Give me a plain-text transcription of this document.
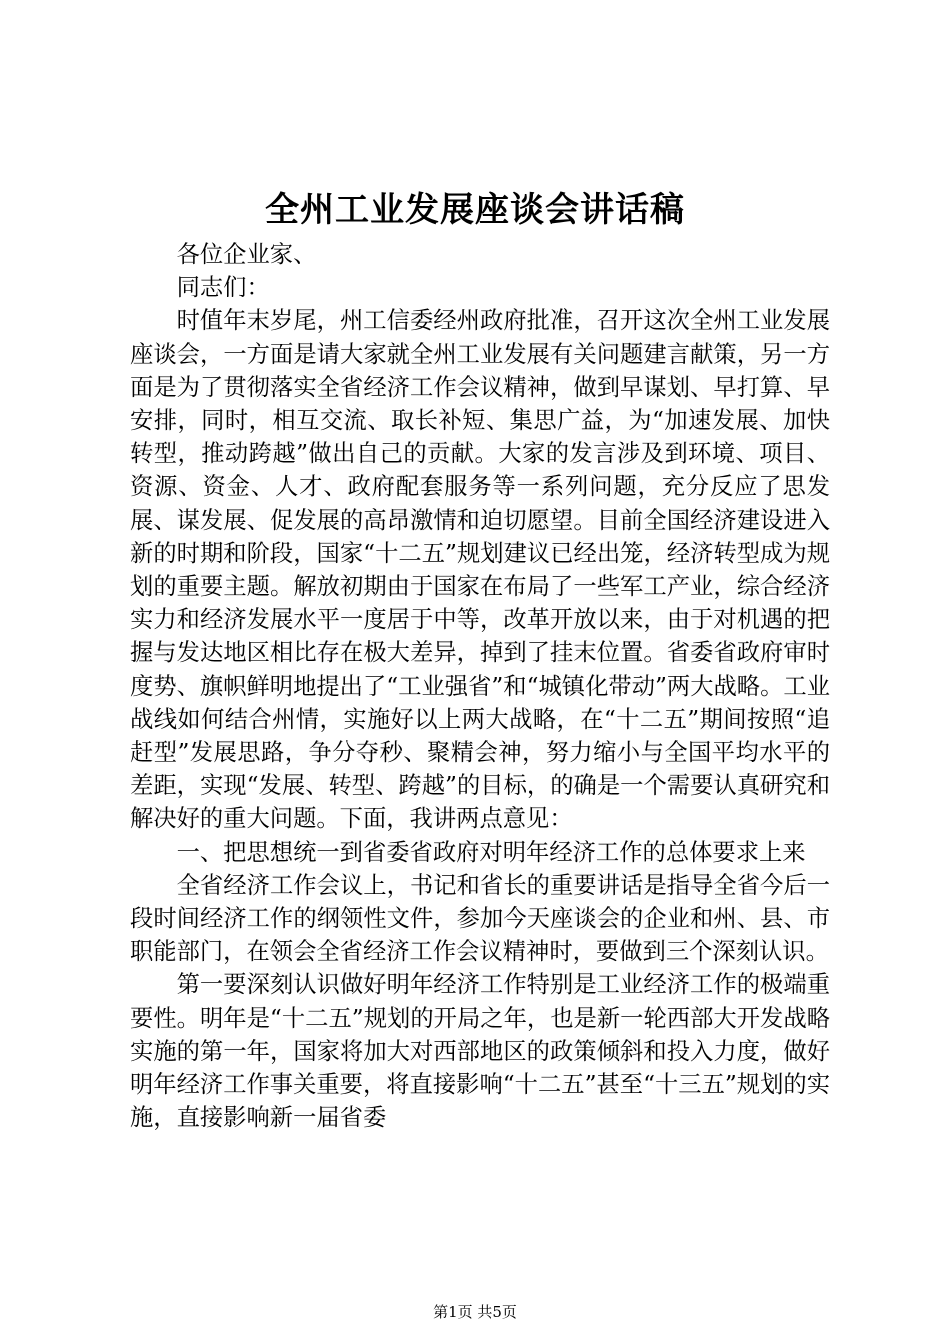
全州工业发展座谈会讲话稿

各位企业家、

同志们：

时值年末岁尾，州工信委经州政府批准，召开这次全州工业发展座谈会，一方面是请大家就全州工业发展有关问题建言献策，另一方面是为了贯彻落实全省经济工作会议精神，做到早谋划、早打算、早安排，同时，相互交流、取长补短、集思广益，为“加速发展、加快转型，推动跨越”做出自己的贡献。大家的发言涉及到环境、项目、资源、资金、人才、政府配套服务等一系列问题，充分反应了思发展、谋发展、促发展的高昂激情和迫切愿望。目前全国经济建设进入新的时期和阶段，国家“十二五”规划建议已经出笼，经济转型成为规划的重要主题。解放初期由于国家在布局了一些军工产业，综合经济实力和经济发展水平一度居于中等，改革开放以来，由于对机遇的把握与发达地区相比存在极大差异，掉到了挂末位置。省委省政府审时度势、旗帜鲜明地提出了“工业强省”和“城镇化带动”两大战略。工业战线如何结合州情，实施好以上两大战略，在“十二五”期间按照“追赶型”发展思路，争分夺秒、聚精会神，努力缩小与全国平均水平的差距，实现“发展、转型、跨越”的目标，的确是一个需要认真研究和解决好的重大问题。下面，我讲两点意见：

一、把思想统一到省委省政府对明年经济工作的总体要求上来

全省经济工作会议上，书记和省长的重要讲话是指导全省今后一段时间经济工作的纲领性文件，参加今天座谈会的企业和州、县、市职能部门，在领会全省经济工作会议精神时，要做到三个深刻认识。

第一要深刻认识做好明年经济工作特别是工业经济工作的极端重要性。明年是“十二五”规划的开局之年，也是新一轮西部大开发战略实施的第一年，国家将加大对西部地区的政策倾斜和投入力度，做好明年经济工作事关重要，将直接影响“十二五”甚至“十三五”规划的实施，直接影响新一届省委

第1页 共5页
